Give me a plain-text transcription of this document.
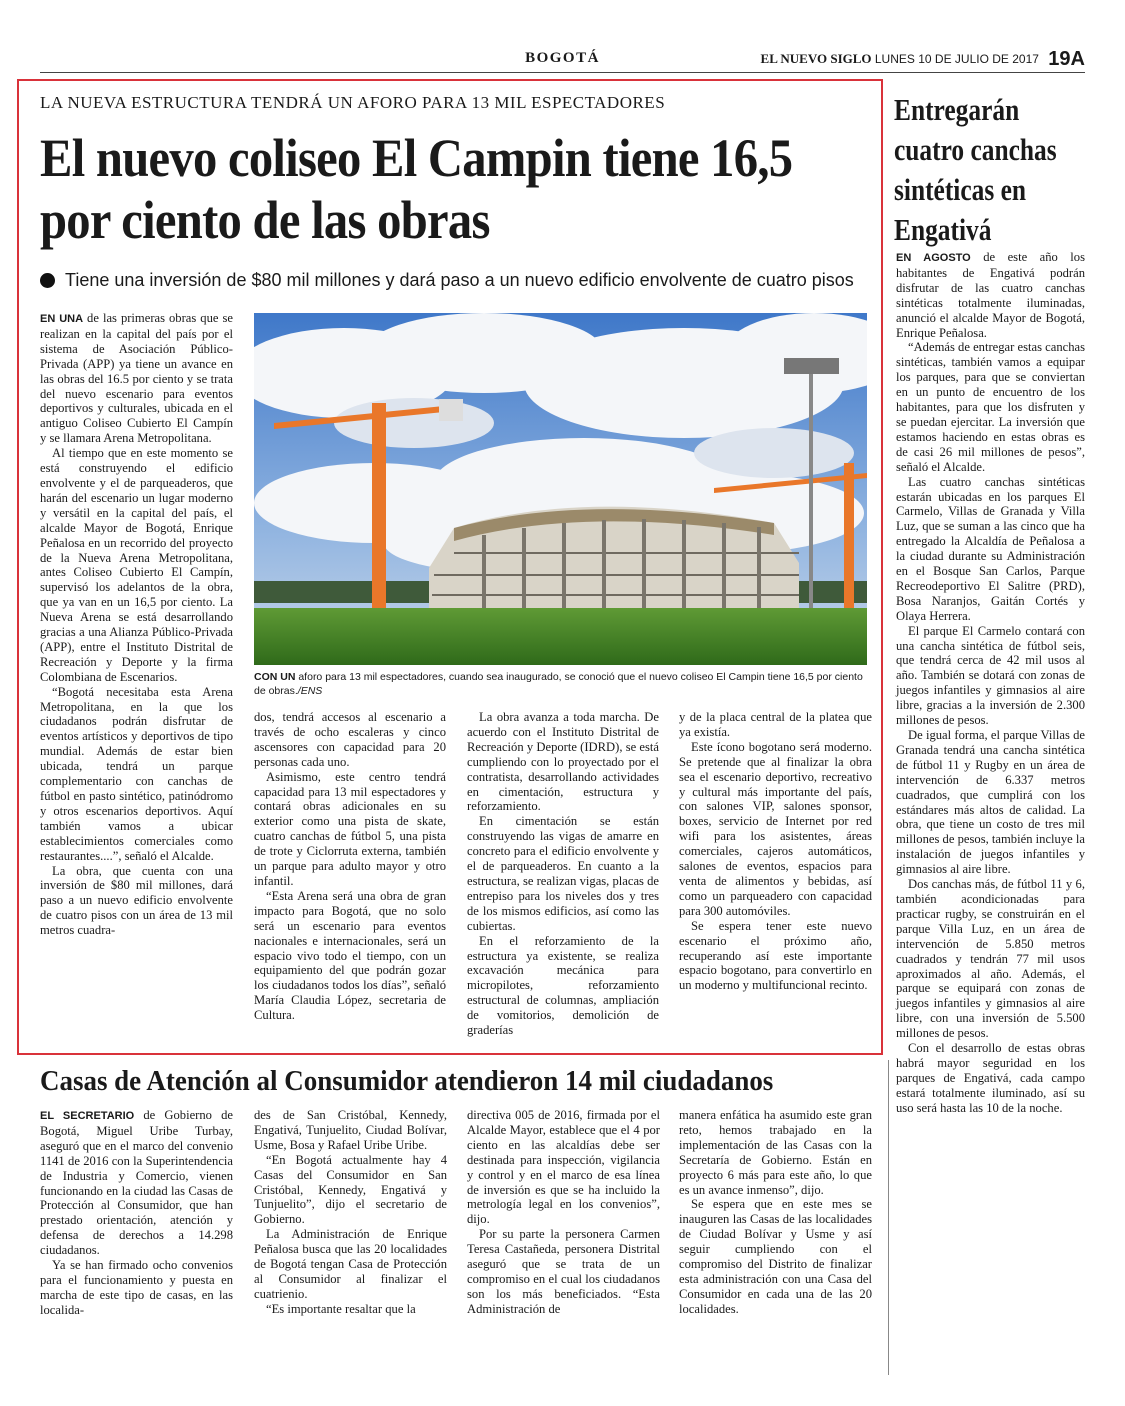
BOGOTÁ	EL NUEVO SIGLO LUNES 10 DE JULIO DE 2017 19A
LA NUEVA ESTRUCTURA TENDRÁ UN AFORO PARA 13 MIL ESPECTADORES
El nuevo coliseo El Campin tiene 16,5 por ciento de las obras
Tiene una inversión de $80 mil millones y dará paso a un nuevo edificio envolvente de cuatro pisos

EN UNA de las primeras obras que se realizan en la capital del país por el sistema de Asociación Público-Privada (APP) ya tiene un avance en las obras del 16.5 por ciento y se trata del nuevo escenario para eventos deportivos y culturales, ubicada en el antiguo Coliseo Cubierto El Campín y se llamara Arena Metropolitana.

Al tiempo que en este momento se está construyendo el edificio envolvente y el de parqueaderos, que harán del escenario un lugar moderno y versátil en la capital del país, el alcalde Mayor de Bogotá, Enrique Peñalosa en un recorrido del proyecto de la Nueva Arena Metropolitana, antes Coliseo Cubierto El Campín, supervisó los adelantos de la obra, que ya van en un 16,5 por ciento. La Nueva Arena se está desarrollando gracias a una Alianza Público-Privada (APP), entre el Instituto Distrital de Recreación y Deporte y la firma Colombiana de Escenarios.

“Bogotá necesitaba esta Arena Metropolitana, en la que los ciudadanos podrán disfrutar de eventos artísticos y deportivos de tipo mundial. Además de estar bien ubicada, tendrá un parque complementario con canchas de fútbol en pasto sintético, patinódromo y otros escenarios deportivos. Aquí también vamos a ubicar establecimientos comerciales como restaurantes....”, señaló el Alcalde.

La obra, que cuenta con una inversión de $80 mil millones, dará paso a un nuevo edificio envolvente de cuatro pisos con un área de 13 mil metros cuadra-

CON UN aforo para 13 mil espectadores, cuando sea inaugurado, se conoció que el nuevo coliseo El Campin tiene 16,5 por ciento de obras./ENS

dos, tendrá accesos al escenario a través de ocho escaleras y cinco ascensores con capacidad para 20 personas cada uno.

Asimismo, este centro tendrá capacidad para 13 mil espectadores y contará obras adicionales en su exterior como una pista de skate, cuatro canchas de fútbol 5, una pista de trote y Ciclorruta externa, también un parque para adulto mayor y otro infantil.

“Esta Arena será una obra de gran impacto para Bogotá, que no solo será un escenario para eventos nacionales e internacionales, será un espacio vivo todo el tiempo, con un equipamiento del que podrán gozar los ciudadanos todos los días”, señaló María Claudia López, secretaria de Cultura.

La obra avanza a toda marcha. De acuerdo con el Instituto Distrital de Recreación y Deporte (IDRD), se está cumpliendo con lo proyectado por el contratista, desarrollando actividades en cimentación, estructura y reforzamiento.

En cimentación se están construyendo las vigas de amarre en concreto para el edificio envolvente y el de parqueaderos. En cuanto a la estructura, se realizan vigas, placas de entrepiso para los niveles dos y tres de los mismos edificios, así como las cubiertas.

En el reforzamiento de la estructura ya existente, se realiza excavación mecánica para micropilotes, reforzamiento estructural de columnas, ampliación de vomitorios, demolición de graderías

y de la placa central de la platea que ya existía.

Este ícono bogotano será moderno. Se pretende que al finalizar la obra sea el escenario deportivo, recreativo y cultural más importante del país, con salones VIP, salones sponsor, boxes, servicio de Internet por red wifi para los asistentes, áreas comerciales, cajeros automáticos, salones de eventos, espacios para venta de alimentos y bebidas, así como un parqueadero con capacidad para 300 automóviles.

Se espera tener este nuevo escenario el próximo año, recuperando así este importante espacio bogotano, para convertirlo en un moderno y multifuncional recinto.

Entregarán cuatro canchas sintéticas en Engativá

EN AGOSTO de este año los habitantes de Engativá podrán disfrutar de las cuatro canchas sintéticas totalmente iluminadas, anunció el alcalde Mayor de Bogotá, Enrique Peñalosa.

“Además de entregar estas canchas sintéticas, también vamos a equipar los parques, para que se conviertan en un punto de encuentro de los habitantes, para que los disfruten y se puedan ejercitar. La inversión que estamos haciendo en estas obras es de casi 26 mil millones de pesos”, señaló el Alcalde.

Las cuatro canchas sintéticas estarán ubicadas en los parques El Carmelo, Villas de Granada y Villa Luz, que se suman a las cinco que ha entregado la Alcaldía de Peñalosa a la ciudad durante su Administración en el Bosque San Carlos, Parque Recreodeportivo El Salitre (PRD), Bosa Naranjos, Gaitán Cortés y Olaya Herrera.

El parque El Carmelo contará con una cancha sintética de fútbol seis, que tendrá cerca de 42 mil usos al año. También se dotará con zonas de juegos infantiles y gimnasios al aire libre, gracias a la inversión de 2.300 millones de pesos.

De igual forma, el parque Villas de Granada tendrá una cancha sintética de fútbol 11 y Rugby en un área de intervención de 6.337 metros cuadrados, que cumplirá con los estándares más altos de calidad. La obra, que tiene un costo de tres mil millones de pesos, también incluye la instalación de juegos infantiles y gimnasios al aire libre.

Dos canchas más, de fútbol 11 y 6, también acondicionadas para practicar rugby, se construirán en el parque Villa Luz, en un área de intervención de 5.850 metros cuadrados y tendrán 77 mil usos aproximados al año. Además, el parque se equipará con zonas de juegos infantiles y gimnasios al aire libre, con una inversión de 5.500 millones de pesos.

Con el desarrollo de estas obras habrá mayor seguridad en los parques de Engativá, cada campo estará totalmente iluminado, así su uso será hasta las 10 de la noche.

Casas de Atención al Consumidor atendieron 14 mil ciudadanos

EL SECRETARIO de Gobierno de Bogotá, Miguel Uribe Turbay, aseguró que en el marco del convenio 1141 de 2016 con la Superintendencia de Industria y Comercio, vienen funcionando en la ciudad las Casas de Protección al Consumidor, que han prestado orientación, atención y defensa de derechos a 14.298 ciudadanos.

Ya se han firmado ocho convenios para el funcionamiento y puesta en marcha de este tipo de casas, en las localida-

des de San Cristóbal, Kennedy, Engativá, Tunjuelito, Ciudad Bolívar, Usme, Bosa y Rafael Uribe Uribe.

“En Bogotá actualmente hay 4 Casas del Consumidor en San Cristóbal, Kennedy, Engativá y Tunjuelito”, dijo el secretario de Gobierno.

La Administración de Enrique Peñalosa busca que las 20 localidades de Bogotá tengan Casa de Protección al Consumidor al finalizar el cuatrienio.

“Es importante resaltar que la

directiva 005 de 2016, firmada por el Alcalde Mayor, establece que el 4 por ciento en las alcaldías debe ser destinada para inspección, vigilancia y control y en el marco de esa línea de inversión es que se ha incluido la metrología legal en los convenios”, dijo.

Por su parte la personera Carmen Teresa Castañeda, personera Distrital aseguró que se trata de un compromiso en el cual los ciudadanos son los más beneficiados. “Esta Administración de

manera enfática ha asumido este gran reto, hemos trabajado en la implementación de las Casas con la Secretaría de Gobierno. Están en proyecto 6 más para este año, lo que es un avance inmenso”, dijo.

Se espera que en este mes se inauguren las Casas de las localidades de Ciudad Bolívar y Usme y así seguir cumpliendo con el compromiso del Distrito de finalizar esta administración con una Casa del Consumidor en cada una de las 20 localidades.
